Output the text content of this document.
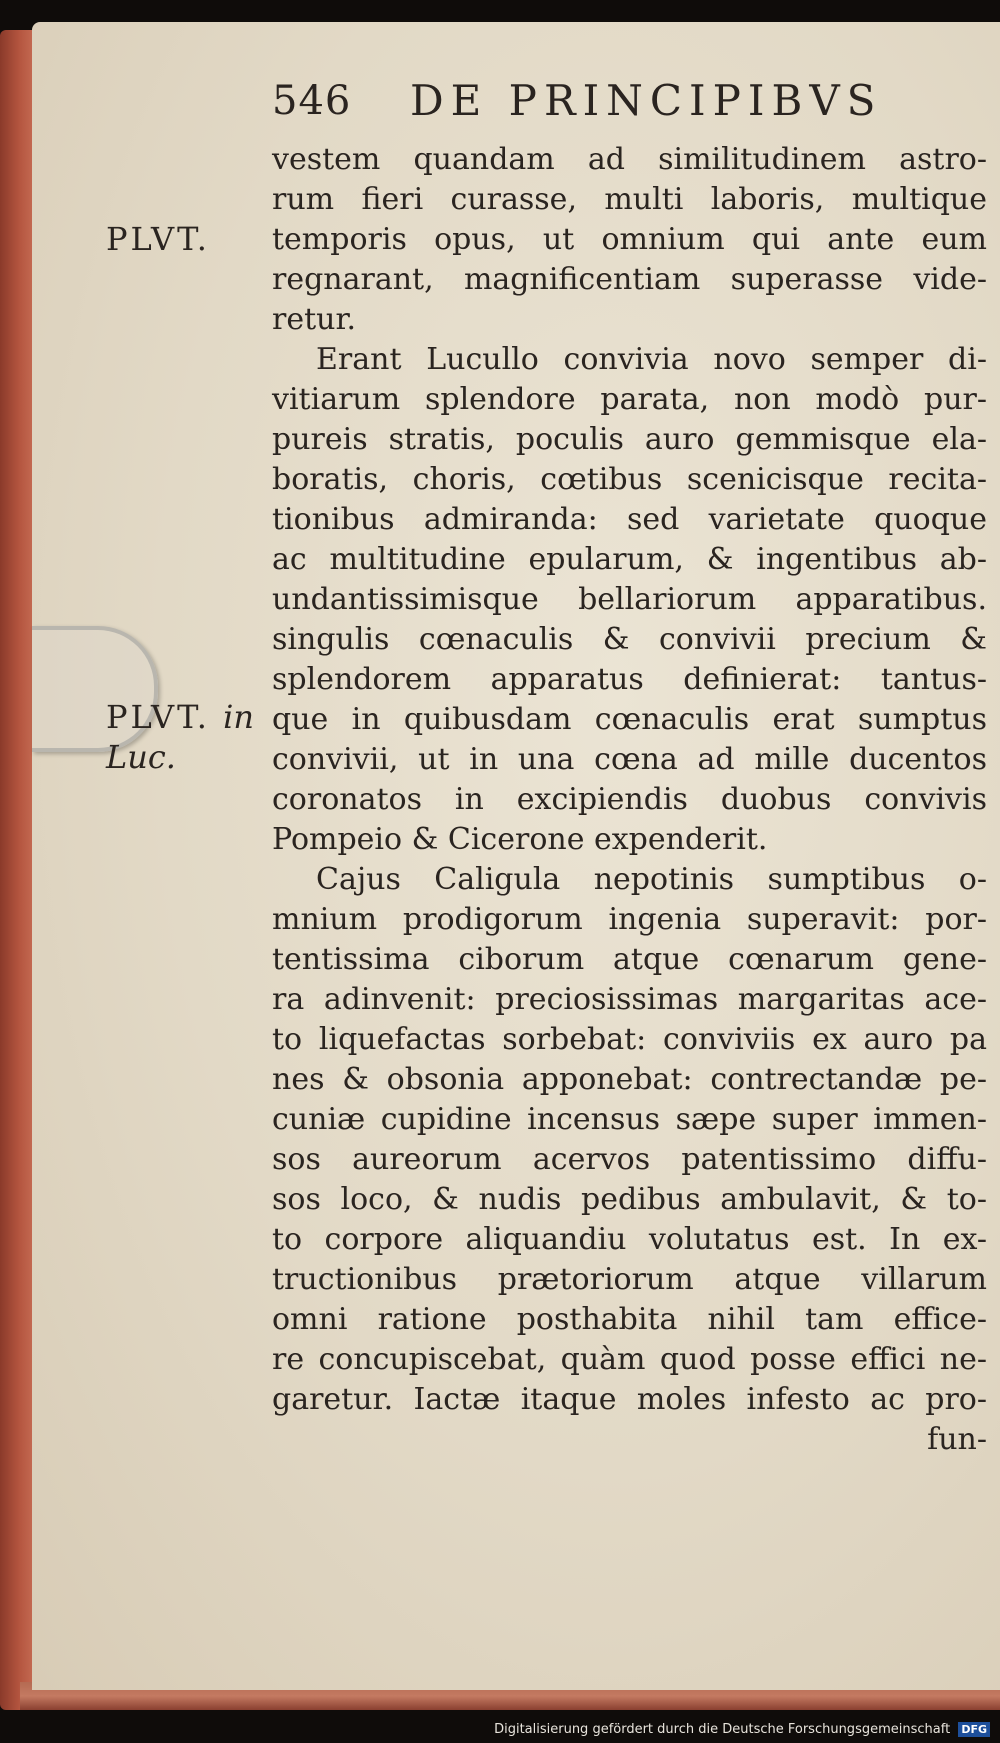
546 DE PRINCIPIBVS
PLVT.
PLVT. in
Luc.
vestem quandam ad similitudinem astro-
rum fieri curasse, multi laboris, multique
temporis opus, ut omnium qui ante eum
regnarant, magnificentiam superasse vide-
retur.
Erant Lucullo convivia novo semper di-
vitiarum splendore parata, non modò pur-
pureis stratis, poculis auro gemmisque ela-
boratis, choris, cœtibus scenicisque recita-
tionibus admiranda: sed varietate quoque
ac multitudine epularum, & ingentibus ab-
undantissimisque bellariorum apparatibus.
singulis cœnaculis & convivii precium &
splendorem apparatus definierat: tantus-
que in quibusdam cœnaculis erat sumptus
convivii, ut in una cœna ad mille ducentos
coronatos in excipiendis duobus convivis
Pompeio & Cicerone expenderit.
Cajus Caligula nepotinis sumptibus o-
mnium prodigorum ingenia superavit: por-
tentissima ciborum atque cœnarum gene-
ra adinvenit: preciosissimas margaritas ace-
to liquefactas sorbebat: conviviis ex auro pa
nes & obsonia apponebat: contrectandæ pe-
cuniæ cupidine incensus sæpe super immen-
sos aureorum acervos patentissimo diffu-
sos loco, & nudis pedibus ambulavit, & to-
to corpore aliquandiu volutatus est. In ex-
tructionibus prætoriorum atque villarum
omni ratione posthabita nihil tam effice-
re concupiscebat, quàm quod posse effici ne-
garetur. Iactæ itaque moles infesto ac pro-
fun-
Digitalisierung gefördert durch die Deutsche Forschungsgemeinschaft DFG
